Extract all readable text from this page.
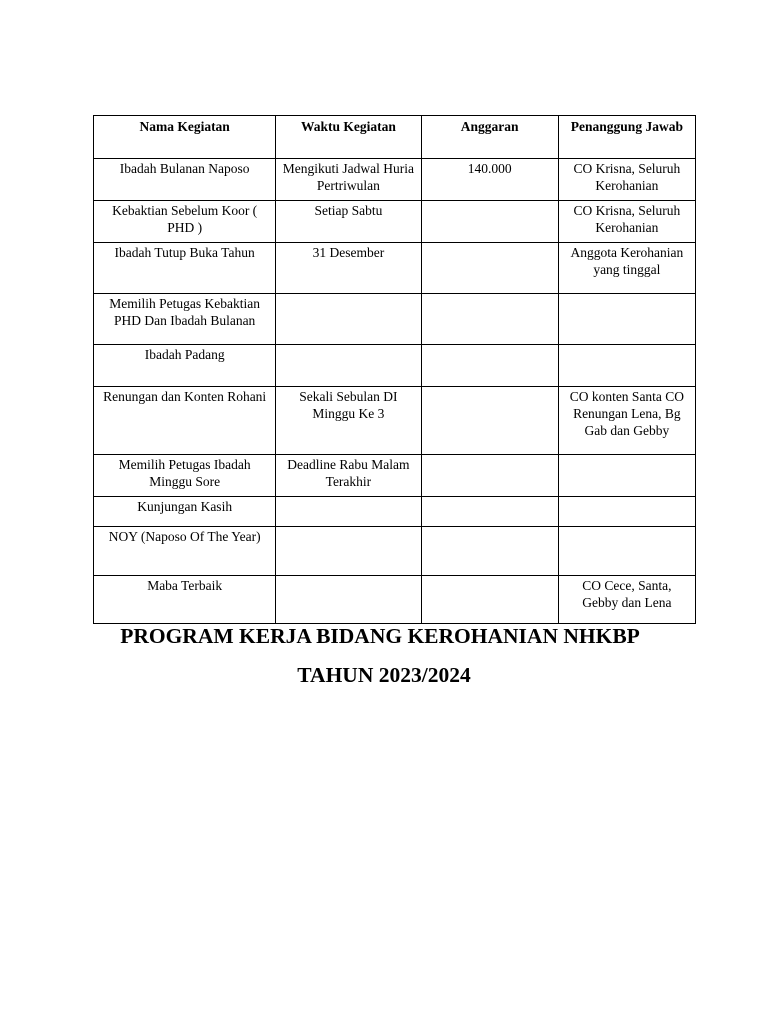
Nama Kegiatan	Waktu Kegiatan	Anggaran	Penanggung Jawab
Ibadah Bulanan Naposo	Mengikuti Jadwal Huria Pertriwulan	140.000	CO Krisna, Seluruh Kerohanian
Kebaktian Sebelum Koor ( PHD )	Setiap Sabtu		CO Krisna, Seluruh Kerohanian
Ibadah Tutup Buka Tahun	31 Desember		Anggota Kerohanian yang tinggal
Memilih Petugas Kebaktian PHD Dan Ibadah Bulanan			
Ibadah Padang			
Renungan dan Konten Rohani	Sekali Sebulan DI Minggu Ke 3		CO konten Santa CO Renungan Lena, Bg Gab dan Gebby
Memilih Petugas Ibadah Minggu Sore	Deadline Rabu Malam Terakhir		
Kunjungan Kasih			
NOY (Naposo Of The Year)			
Maba Terbaik			CO Cece, Santa, Gebby dan Lena
PROGRAM KERJA BIDANG KEROHANIAN NHKBP
TAHUN 2023/2024
